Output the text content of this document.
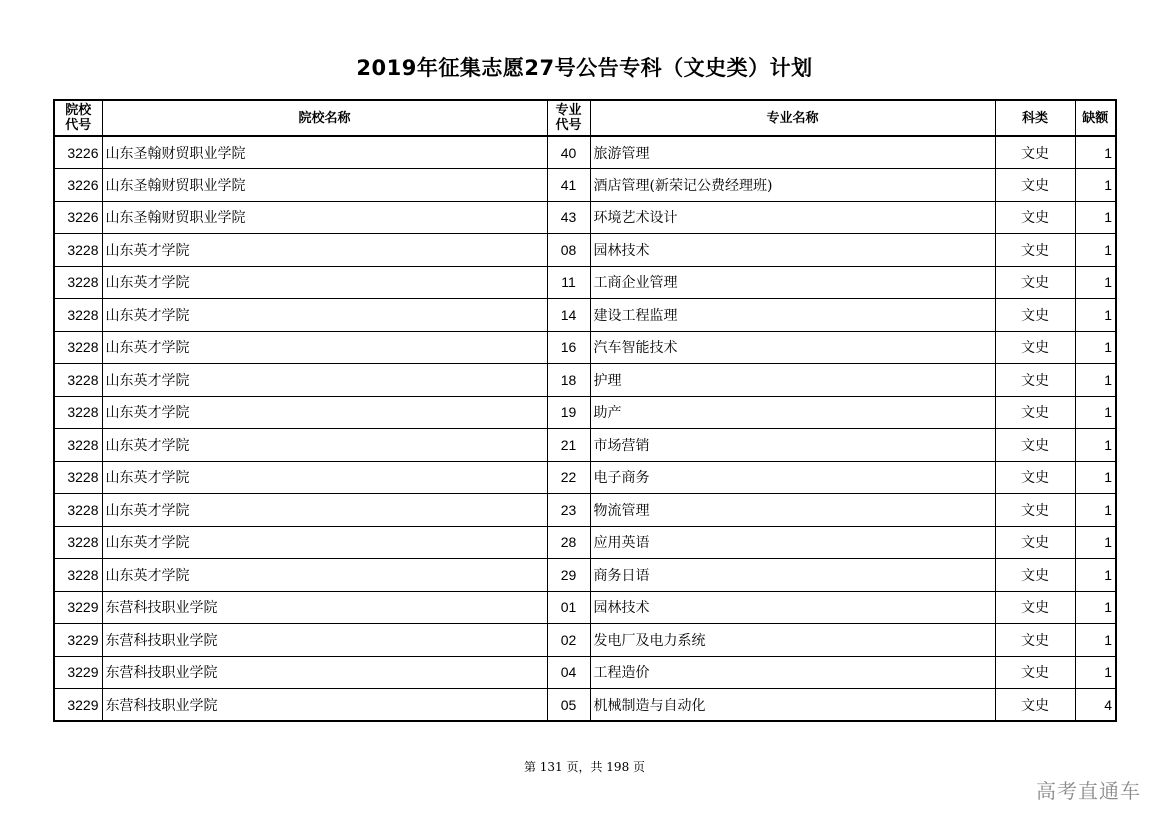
2019年征集志愿27号公告专科（文史类）计划
院校代号	院校名称	专业代号	专业名称	科类	缺额
3226	山东圣翰财贸职业学院	40	旅游管理	文史	1
3226	山东圣翰财贸职业学院	41	酒店管理(新荣记公费经理班)	文史	1
3226	山东圣翰财贸职业学院	43	环境艺术设计	文史	1
3228	山东英才学院	08	园林技术	文史	1
3228	山东英才学院	11	工商企业管理	文史	1
3228	山东英才学院	14	建设工程监理	文史	1
3228	山东英才学院	16	汽车智能技术	文史	1
3228	山东英才学院	18	护理	文史	1
3228	山东英才学院	19	助产	文史	1
3228	山东英才学院	21	市场营销	文史	1
3228	山东英才学院	22	电子商务	文史	1
3228	山东英才学院	23	物流管理	文史	1
3228	山东英才学院	28	应用英语	文史	1
3228	山东英才学院	29	商务日语	文史	1
3229	东营科技职业学院	01	园林技术	文史	1
3229	东营科技职业学院	02	发电厂及电力系统	文史	1
3229	东营科技职业学院	04	工程造价	文史	1
3229	东营科技职业学院	05	机械制造与自动化	文史	4
第 131 页，共 198 页
高考直通车
